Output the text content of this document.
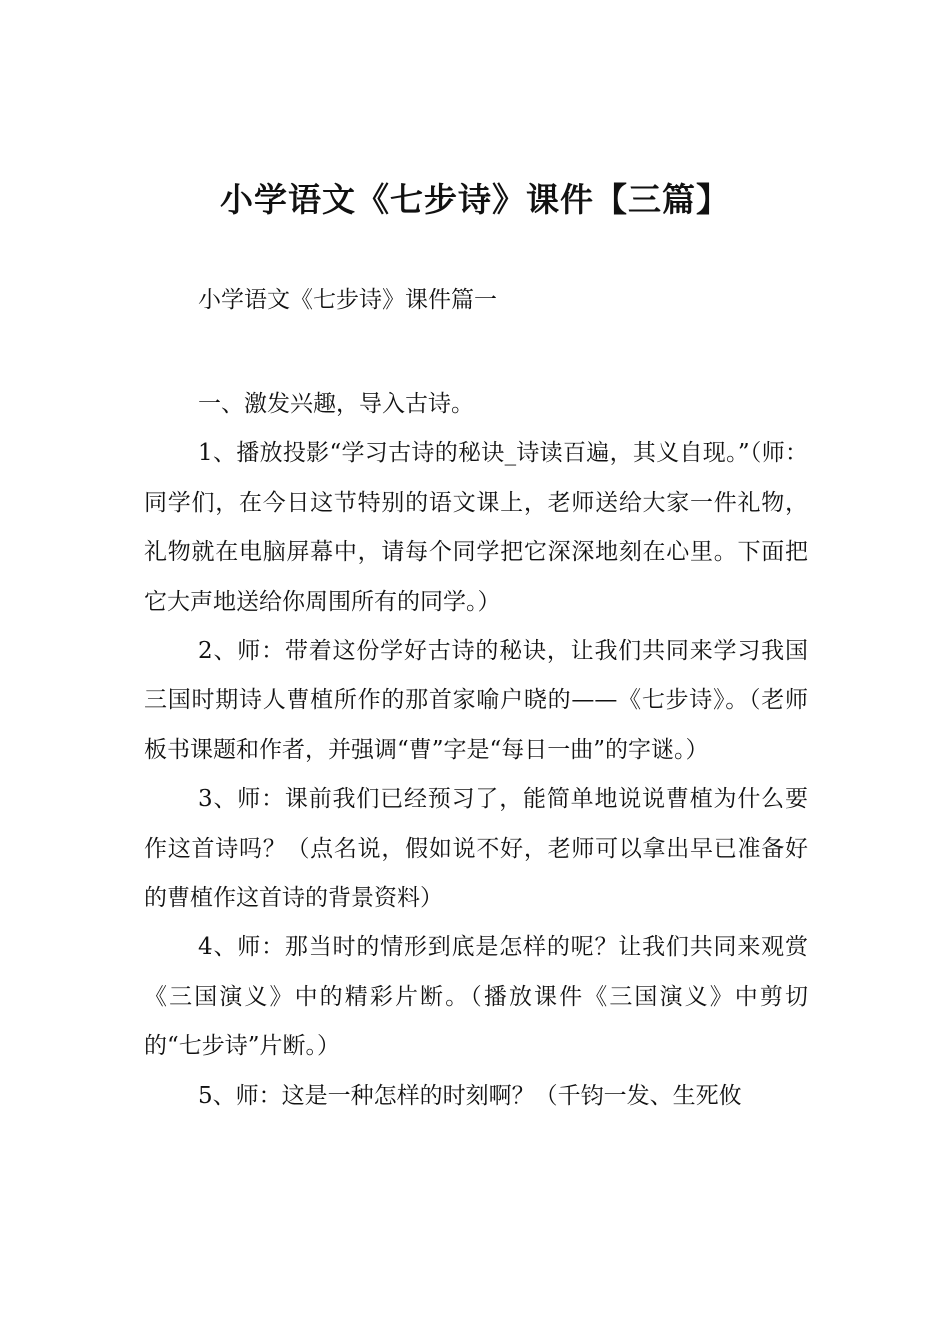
小学语文《七步诗》课件【三篇】
小学语文《七步诗》课件篇一

一、激发兴趣，导入古诗。

1、播放投影“学习古诗的秘诀_诗读百遍，其义自现。”（师：同学们，在今日这节特别的语文课上，老师送给大家一件礼物，礼物就在电脑屏幕中，请每个同学把它深深地刻在心里。下面把它大声地送给你周围所有的同学。）

2、师：带着这份学好古诗的秘诀，让我们共同来学习我国三国时期诗人曹植所作的那首家喻户晓的——《七步诗》。（老师板书课题和作者，并强调“曹”字是“每日一曲”的字谜。）

3、师：课前我们已经预习了，能简单地说说曹植为什么要作这首诗吗？（点名说，假如说不好，老师可以拿出早已准备好的曹植作这首诗的背景资料）

4、师：那当时的情形到底是怎样的呢？让我们共同来观赏《三国演义》中的精彩片断。（播放课件《三国演义》中剪切的“七步诗”片断。）

5、师：这是一种怎样的时刻啊？（千钧一发、生死攸
